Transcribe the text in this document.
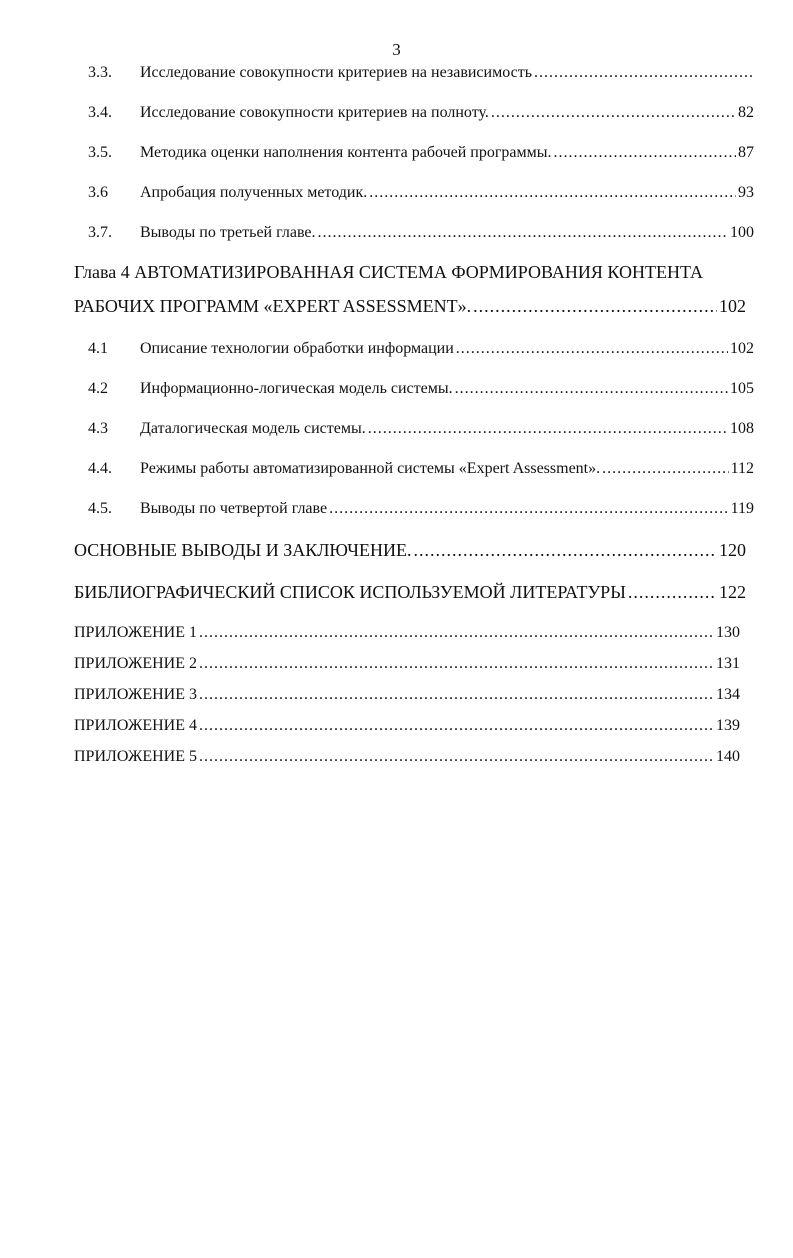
3
3.3.	Исследование совокупности критериев на независимость
.....
3.4.	Исследование совокупности критериев на полноту. .....	82
3.5.	Методика оценки наполнения контента рабочей программы. .....	87
3.6	Апробация полученных методик. .....	93
3.7.	Выводы по третьей главе. .....	100
Глава 4 АВТОМАТИЗИРОВАННАЯ СИСТЕМА ФОРМИРОВАНИЯ КОНТЕНТА
РАБОЧИХ ПРОГРАММ «EXPERT ASSESSMENT». .....	102
4.1	Описание технологии обработки информации .....	102
4.2	Информационно-логическая модель системы. .....	105
4.3	Даталогическая модель системы. .....	108
4.4.	Режимы работы автоматизированной системы «Expert Assessment». .....	112
4.5.	Выводы по четвертой главе .....	119
ОСНОВНЫЕ ВЫВОДЫ И ЗАКЛЮЧЕНИЕ. .....	120
БИБЛИОГРАФИЧЕСКИЙ СПИСОК ИСПОЛЬЗУЕМОЙ ЛИТЕРАТУРЫ .....	122
ПРИЛОЖЕНИЕ 1 .....	130
ПРИЛОЖЕНИЕ 2 .....	131
ПРИЛОЖЕНИЕ 3 .....	134
ПРИЛОЖЕНИЕ 4 .....	139
ПРИЛОЖЕНИЕ 5 .....	140
